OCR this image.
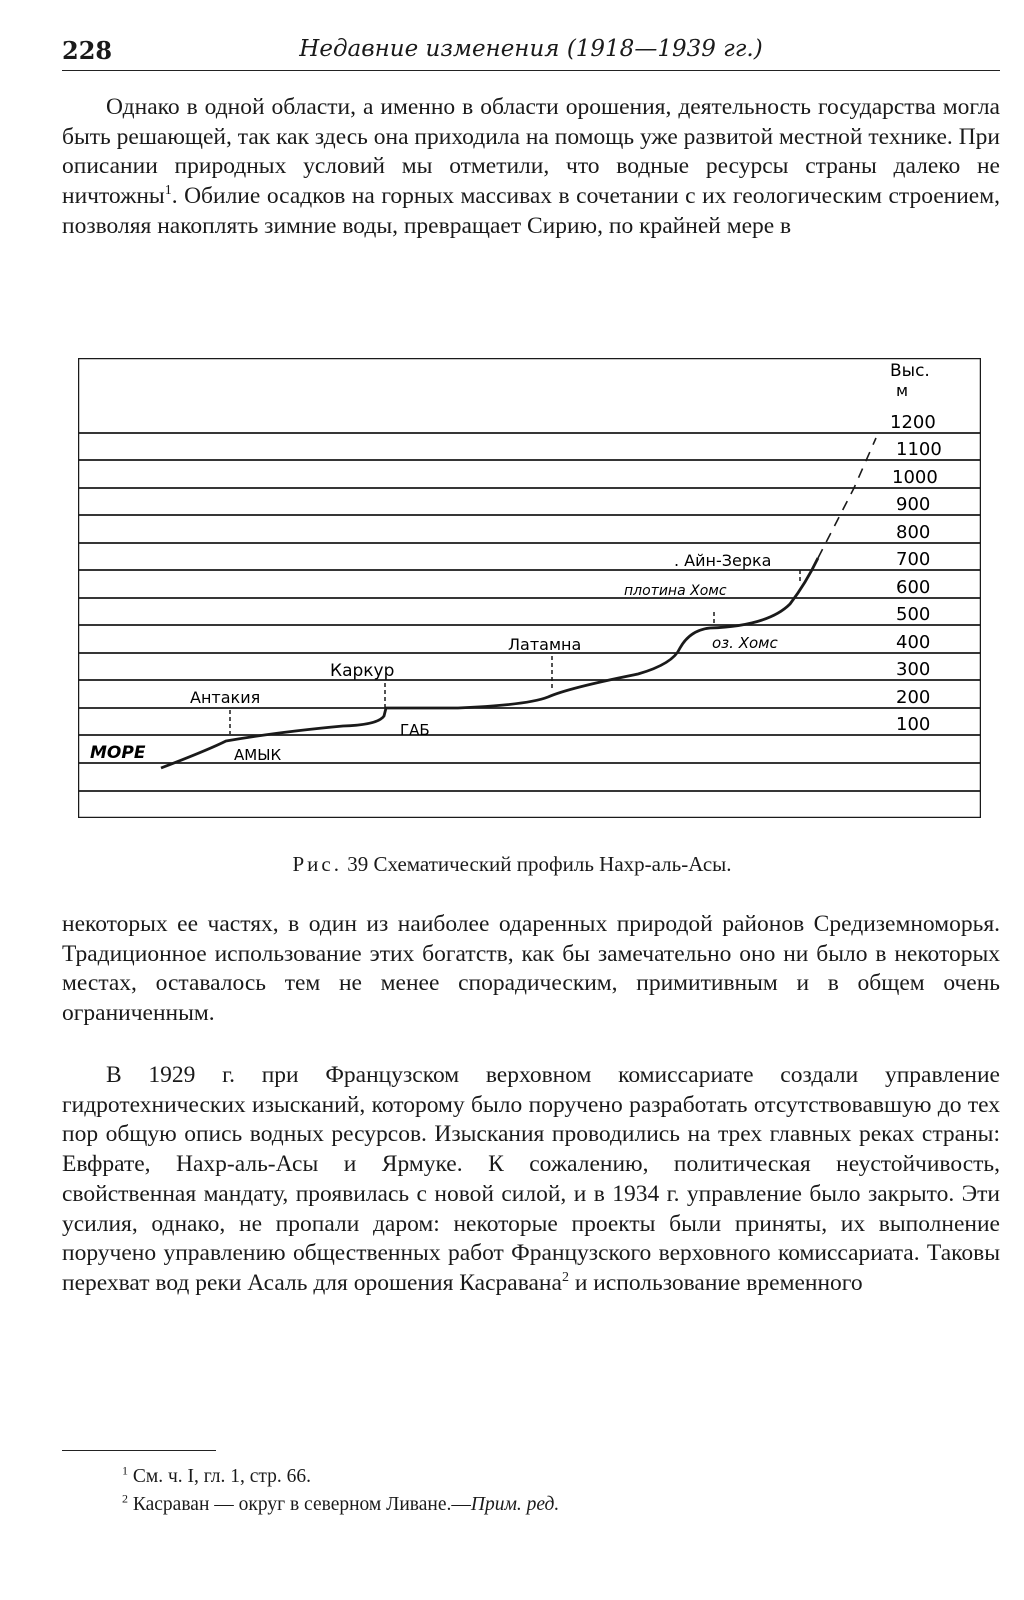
228	Недавние изменения (1918—1939 гг.)

Однако в одной области, а именно в области орошения, деятельность государства могла быть решающей, так как здесь она приходила на помощь уже развитой местной технике. При описании природных условий мы отметили, что водные ресурсы страны далеко не ничтожны$^1$. Обилие осадков на горных массивах в сочетании с их геологическим строением, позволяя накоплять зимние воды, превращает Сирию, по крайней мере в

Выс.
м
1200
1100
1000
900
800
700
600
500
400
300
200
100
МОРЕ	АМЫК
Антакия
Каркур
ГАБ
Латамна	оз. Хомс
плотина Хомс
. Айн-Зерка
Рис. 39 Схематический профиль Нахр-аль-Асы.

некоторых ее частях, в один из наиболее одаренных природой районов Средиземноморья. Традиционное использование этих богатств, как бы замечательно оно ни было в некоторых местах, оставалось тем не менее спорадическим, примитивным и в общем очень ограниченным.

В 1929 г. при Французском верховном комиссариате создали управление гидротехнических изысканий, которому было поручено разработать отсутствовавшую до тех пор общую опись водных ресурсов. Изыскания проводились на трех главных реках страны: Евфрате, Нахр-аль-Асы и Ярмуке. К сожалению, политическая неустойчивость, свойственная мандату, проявилась с новой силой, и в 1934 г. управление было закрыто. Эти усилия, однако, не пропали даром: некоторые проекты были приняты, их выполнение поручено управлению общественных работ Французского верховного комиссариата. Таковы перехват вод реки Асаль для орошения Касравана$^2$ и использование временного

$^1$ См. ч. I, гл. 1, стр. 66.
$^2$ Касраван — округ в северном Ливане.—Прим. ред.
